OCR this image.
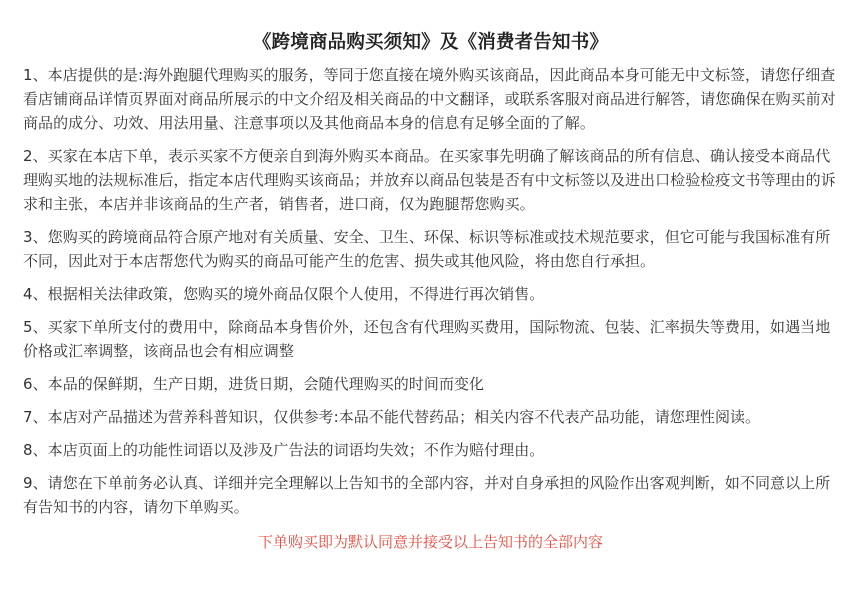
《跨境商品购买须知》及《消费者告知书》

1、本店提供的是:海外跑腿代理购买的服务，等同于您直接在境外购买该商品，因此商品本身可能无中文标签，请您仔细查看店铺商品详情页界面对商品所展示的中文介绍及相关商品的中文翻译，或联系客服对商品进行解答，请您确保在购买前对商品的成分、功效、用法用量、注意事项以及其他商品本身的信息有足够全面的了解。

2、买家在本店下单，表示买家不方便亲自到海外购买本商品。在买家事先明确了解该商品的所有信息、确认接受本商品代理购买地的法规标准后，指定本店代理购买该商品；并放弃以商品包装是否有中文标签以及进出口检验检疫文书等理由的诉求和主张，本店并非该商品的生产者，销售者，进口商，仅为跑腿帮您购买。

3、您购买的跨境商品符合原产地对有关质量、安全、卫生、环保、标识等标准或技术规范要求，但它可能与我国标准有所不同，因此对于本店帮您代为购买的商品可能产生的危害、损失或其他风险，将由您自行承担。

4、根据相关法律政策，您购买的境外商品仅限个人使用，不得进行再次销售。

5、买家下单所支付的费用中，除商品本身售价外，还包含有代理购买费用，国际物流、包装、汇率损失等费用，如遇当地价格或汇率调整，该商品也会有相应调整

6、本品的保鲜期，生产日期，进货日期，会随代理购买的时间而变化

7、本店对产品描述为营养科普知识，仅供参考:本品不能代替药品；相关内容不代表产品功能，请您理性阅读。

8、本店页面上的功能性词语以及涉及广告法的词语均失效；不作为赔付理由。

9、请您在下单前务必认真、详细并完全理解以上告知书的全部内容，并对自身承担的风险作出客观判断，如不同意以上所有告知书的内容，请勿下单购买。

下单购买即为默认同意并接受以上告知书的全部内容
